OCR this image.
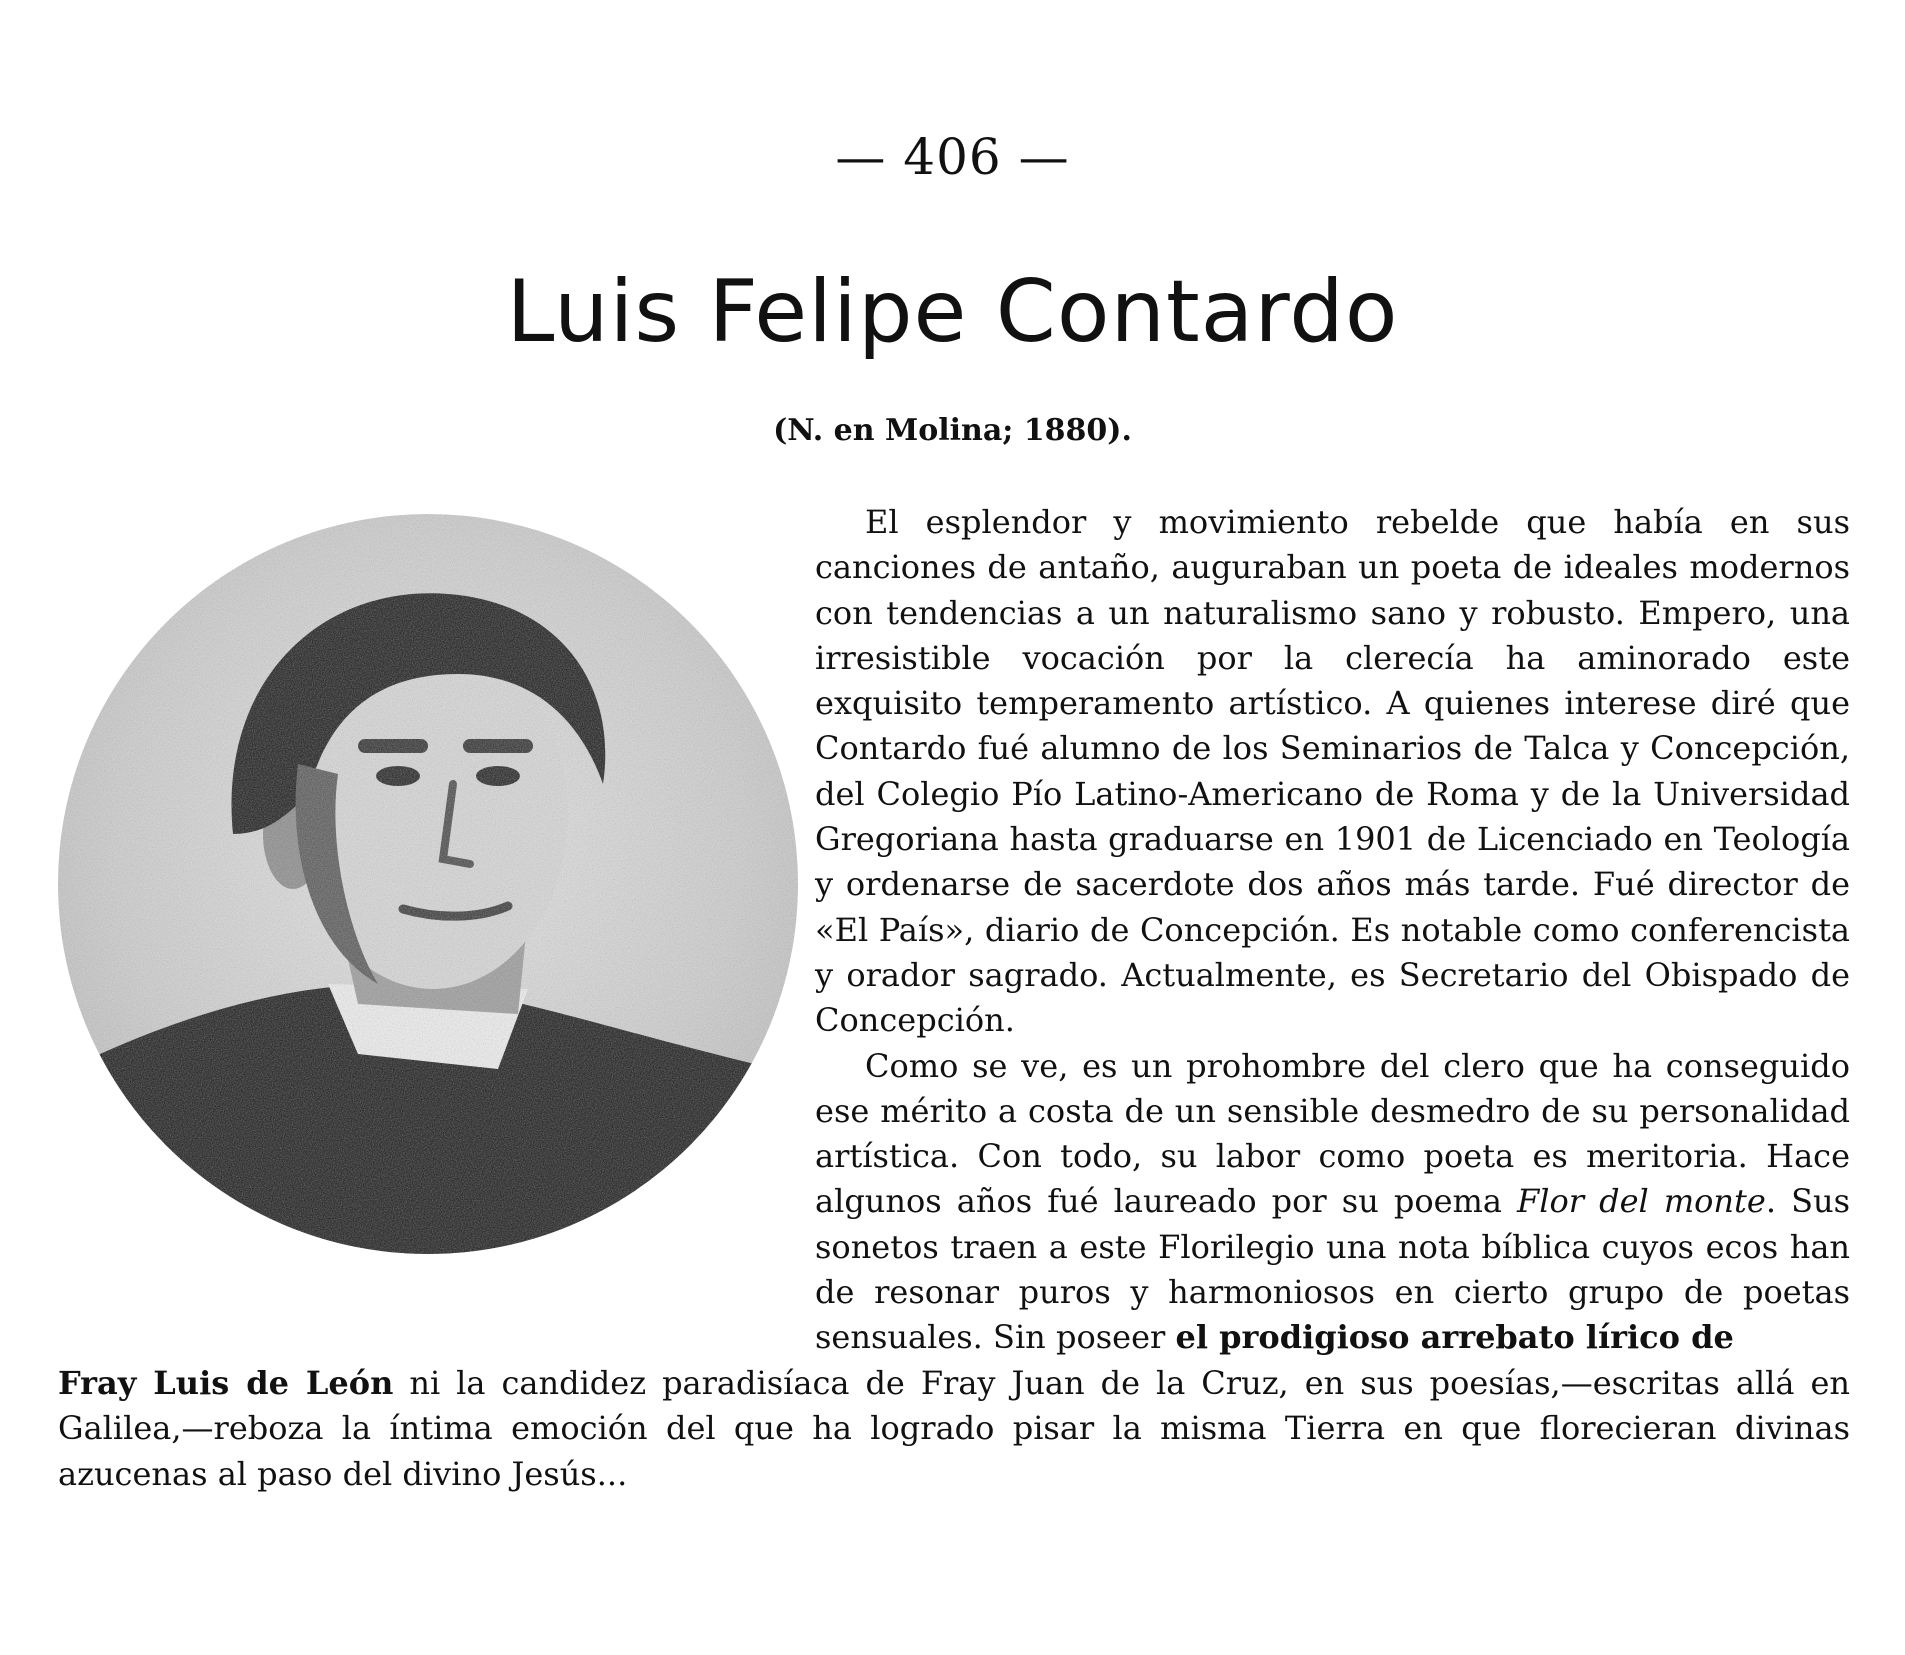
— 406 —
Luis Felipe Contardo
(N. en Molina; 1880).

El esplendor y movimiento rebelde que había en sus canciones de antaño, auguraban un poeta de ideales modernos con tendencias a un naturalismo sano y robusto. Empero, una irresistible vocación por la clerecía ha aminorado este exquisito temperamento artístico. A quienes interese diré que Contardo fué alumno de los Seminarios de Talca y Concepción, del Colegio Pío Latino-Americano de Roma y de la Universidad Gregoriana hasta graduarse en 1901 de Licenciado en Teología y ordenarse de sacerdote dos años más tarde. Fué director de «El País», diario de Concepción. Es notable como conferencista y orador sagrado. Actualmente, es Secretario del Obispado de Concepción.

Como se ve, es un prohombre del clero que ha conseguido ese mérito a costa de un sensible desmedro de su personalidad artística. Con todo, su labor como poeta es meritoria. Hace algunos años fué laureado por su poema Flor del monte. Sus sonetos traen a este Florilegio una nota bíblica cuyos ecos han de resonar puros y harmoniosos en cierto grupo de poetas sensuales. Sin poseer el prodigioso arrebato lírico de

Fray Luis de León ni la candidez paradisíaca de Fray Juan de la Cruz, en sus poesías,—escritas allá en Galilea,—reboza la íntima emoción del que ha logrado pisar la misma Tierra en que florecieran divinas azucenas al paso del divino Jesús...
